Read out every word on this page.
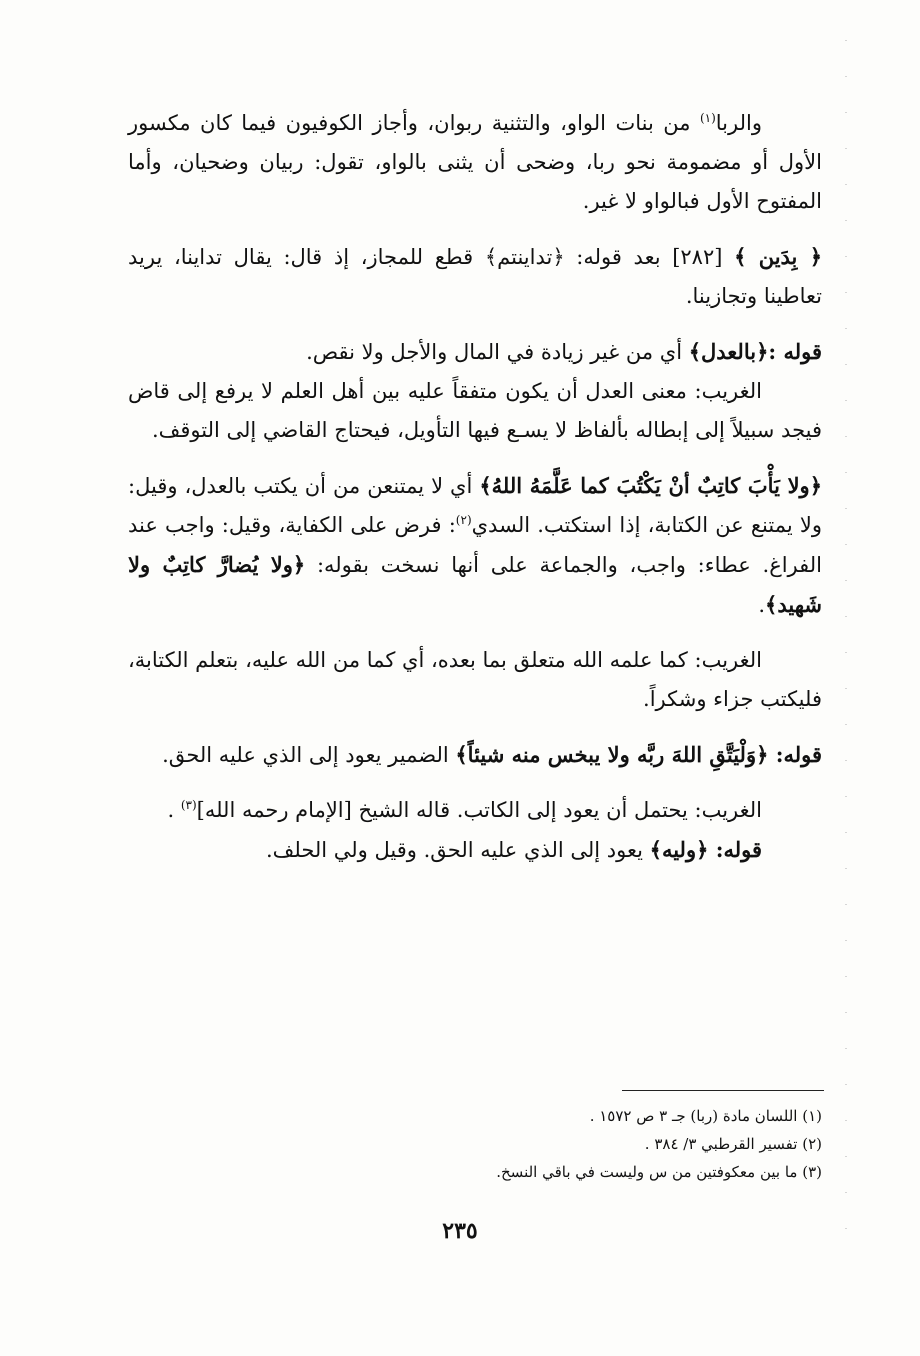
والربا$^{(١)}$ من بنات الواو، والتثنية ربوان، وأجاز الكوفيون فيما كان مكسور الأول أو مضمومة نحو ربا، وضحى أن يثنى بالواو، تقول: ربيان وضحيان، وأما المفتوح الأول فبالواو لا غير.

﴿ بِدَين ﴾ [٢٨٢] بعد قوله: ﴿تداينتم﴾ قطع للمجاز، إذ قال: يقال تداينا، يريد تعاطينا وتجازينا.

قوله :﴿بالعدل﴾ أي من غير زيادة في المال والأجل ولا نقص.

الغريب: معنى العدل أن يكون متفقاً عليه بين أهل العلم لا يرفع إلى قاض فيجد سبيلاً إلى إبطاله بألفاظ لا يسـع فيها التأويل، فيحتاج القاضي إلى التوقف.

﴿ولا يَأْبَ كاتِبٌ أنْ يَكْتُبَ كما عَلَّمَهُ اللهُ﴾ أي لا يمتنعن من أن يكتب بالعدل، وقيل: ولا يمتنع عن الكتابة، إذا استكتب. السدي$^{(٢)}$: فرض على الكفاية، وقيل: واجب عند الفراغ. عطاء: واجب، والجماعة على أنها نسخت بقوله: ﴿ولا يُضارَّ كاتِبٌ ولا شَهيد﴾.

الغريب: كما علمه الله متعلق بما بعده، أي كما من الله عليه، بتعلم الكتابة، فليكتب جزاء وشكراً.

قوله: ﴿وَلْيَتَّقِ اللهَ ربَّه ولا يبخس منه شيئاً﴾ الضمير يعود إلى الذي عليه الحق.

الغريب: يحتمل أن يعود إلى الكاتب. قاله الشيخ [الإمام رحمه الله]$^{(٣)}$ .

قوله: ﴿وليه﴾ يعود إلى الذي عليه الحق. وقيل ولي الحلف.

(١) اللسان مادة (ربا) جـ ٣ ص ١٥٧٢ .

(٢) تفسير القرطبي ٣/ ٣٨٤ .

(٣) ما بين معكوفتين من س وليست في باقي النسخ.

٢٣٥
